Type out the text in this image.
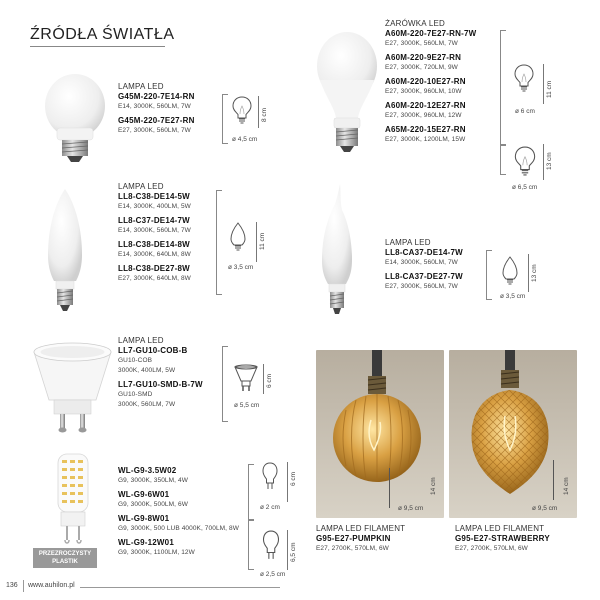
ŹRÓDŁA ŚWIATŁA
LAMPA LED
G45M-220-7E14-RN
E14, 3000K, 560LM, 7W
G45M-220-7E27-RN
E27, 3000K, 560LM, 7W
8 cm
ø 4,5 cm
ŻARÓWKA LED
A60M-220-7E27-RN-7W
E27, 3000K, 560LM, 7W
A60M-220-9E27-RN
E27, 3000K, 720LM, 9W
A60M-220-10E27-RN
E27, 3000K, 960LM, 10W
A60M-220-12E27-RN
E27, 3000K, 960LM, 12W
A65M-220-15E27-RN
E27, 3000K, 1200LM, 15W
11 cm
ø 6 cm
13 cm
ø 6,5 cm
LAMPA LED
LL8-C38-DE14-5W
E14, 3000K, 400LM, 5W
LL8-C37-DE14-7W
E14, 3000K, 560LM, 7W
LL8-C38-DE14-8W
E14, 3000K, 640LM, 8W
LL8-C38-DE27-8W
E27, 3000K, 640LM, 8W
11 cm
ø 3,5 cm
LAMPA LED
LL8-CA37-DE14-7W
E14, 3000K, 560LM, 7W
LL8-CA37-DE27-7W
E27, 3000K, 560LM, 7W
13 cm
ø 3,5 cm
LAMPA LED
LL7-GU10-COB-B
GU10-COB
3000K, 400LM, 5W
LL7-GU10-SMD-B-7W
GU10-SMD
3000K, 560LM, 7W
6 cm
ø 5,5 cm
PRZEZROCZYSTY
PLASTIK
WL-G9-3.5W02
G9, 3000K, 350LM, 4W
WL-G9-6W01
G9, 3000K, 500LM, 6W
WL-G9-8W01
G9, 3000K, 500 LUB 4000K, 700LM, 8W
WL-G9-12W01
G9, 3000K, 1100LM, 12W
6 cm
ø 2 cm
6,5 cm
ø 2,5 cm
14 cm
ø 9,5 cm
LAMPA LED FILAMENT
G95-E27-PUMPKIN
E27, 2700K, 570LM, 6W
14 cm
ø 9,5 cm
LAMPA LED FILAMENT
G95-E27-STRAWBERRY
E27, 2700K, 570LM, 6W
136 www.auhilon.pl
